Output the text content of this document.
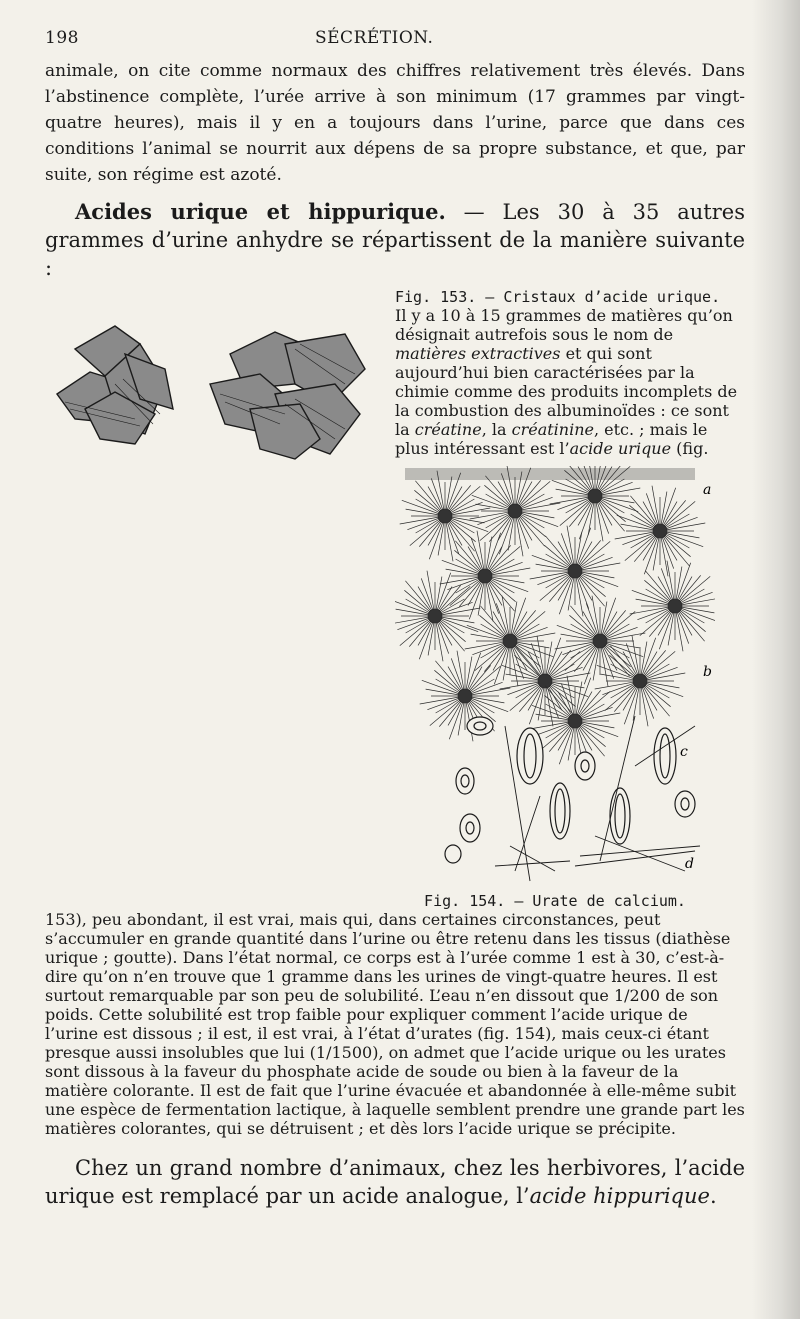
198	SÉCRÉTION.

animale, on cite comme normaux des chiffres relativement très élevés. Dans l’abstinence complète, l’urée arrive à son minimum (17 grammes par vingt-quatre heures), mais il y en a toujours dans l’urine, parce que dans ces conditions l’animal se nourrit aux dépens de sa propre substance, et que, par suite, son régime est azoté.

Acides urique et hippurique. — Les 30 à 35 autres grammes d’urine anhydre se répartissent de la manière suivante :

Fig. 153. — Cristaux d’acide urique.
Il y a 10 à 15 grammes de matières qu’on désignait autrefois sous le nom de matières extractives et qui sont aujourd’hui bien caractérisées par la chimie comme des produits incomplets de la combustion des albuminoïdes : ce sont la créatine, la créatinine, etc. ; mais le plus intéressant est l’acide urique
a
b
c
d
Fig. 154. — Urate de calcium.
(fig. 153), peu abondant, il est vrai, mais qui, dans certaines circonstances, peut s’accumuler en grande quantité dans l’urine ou être retenu dans les tissus (diathèse urique ; goutte). Dans l’état normal, ce corps est à l’urée comme 1 est à 30, c’est-à-dire qu’on n’en trouve que 1 gramme dans les urines de vingt-quatre heures. Il est surtout remarquable par son peu de solubilité. L’eau n’en dissout que 1/200 de son poids. Cette solubilité est trop faible pour expliquer comment l’acide urique de l’urine est dissous ; il est, il est vrai, à l’état d’urates (fig. 154), mais ceux-ci étant presque aussi insolubles que lui (1/1500), on admet que l’acide urique ou les urates sont dissous à la faveur du phosphate acide de soude ou bien à la faveur de la matière colorante. Il est de fait que l’urine évacuée et abandonnée à elle-même subit une espèce de fermentation lactique, à laquelle semblent prendre une grande part les matières colorantes, qui se détruisent ; et dès lors l’acide urique se précipite.

Chez un grand nombre d’animaux, chez les herbivores, l’acide urique est remplacé par un acide analogue, l’acide hippurique.
